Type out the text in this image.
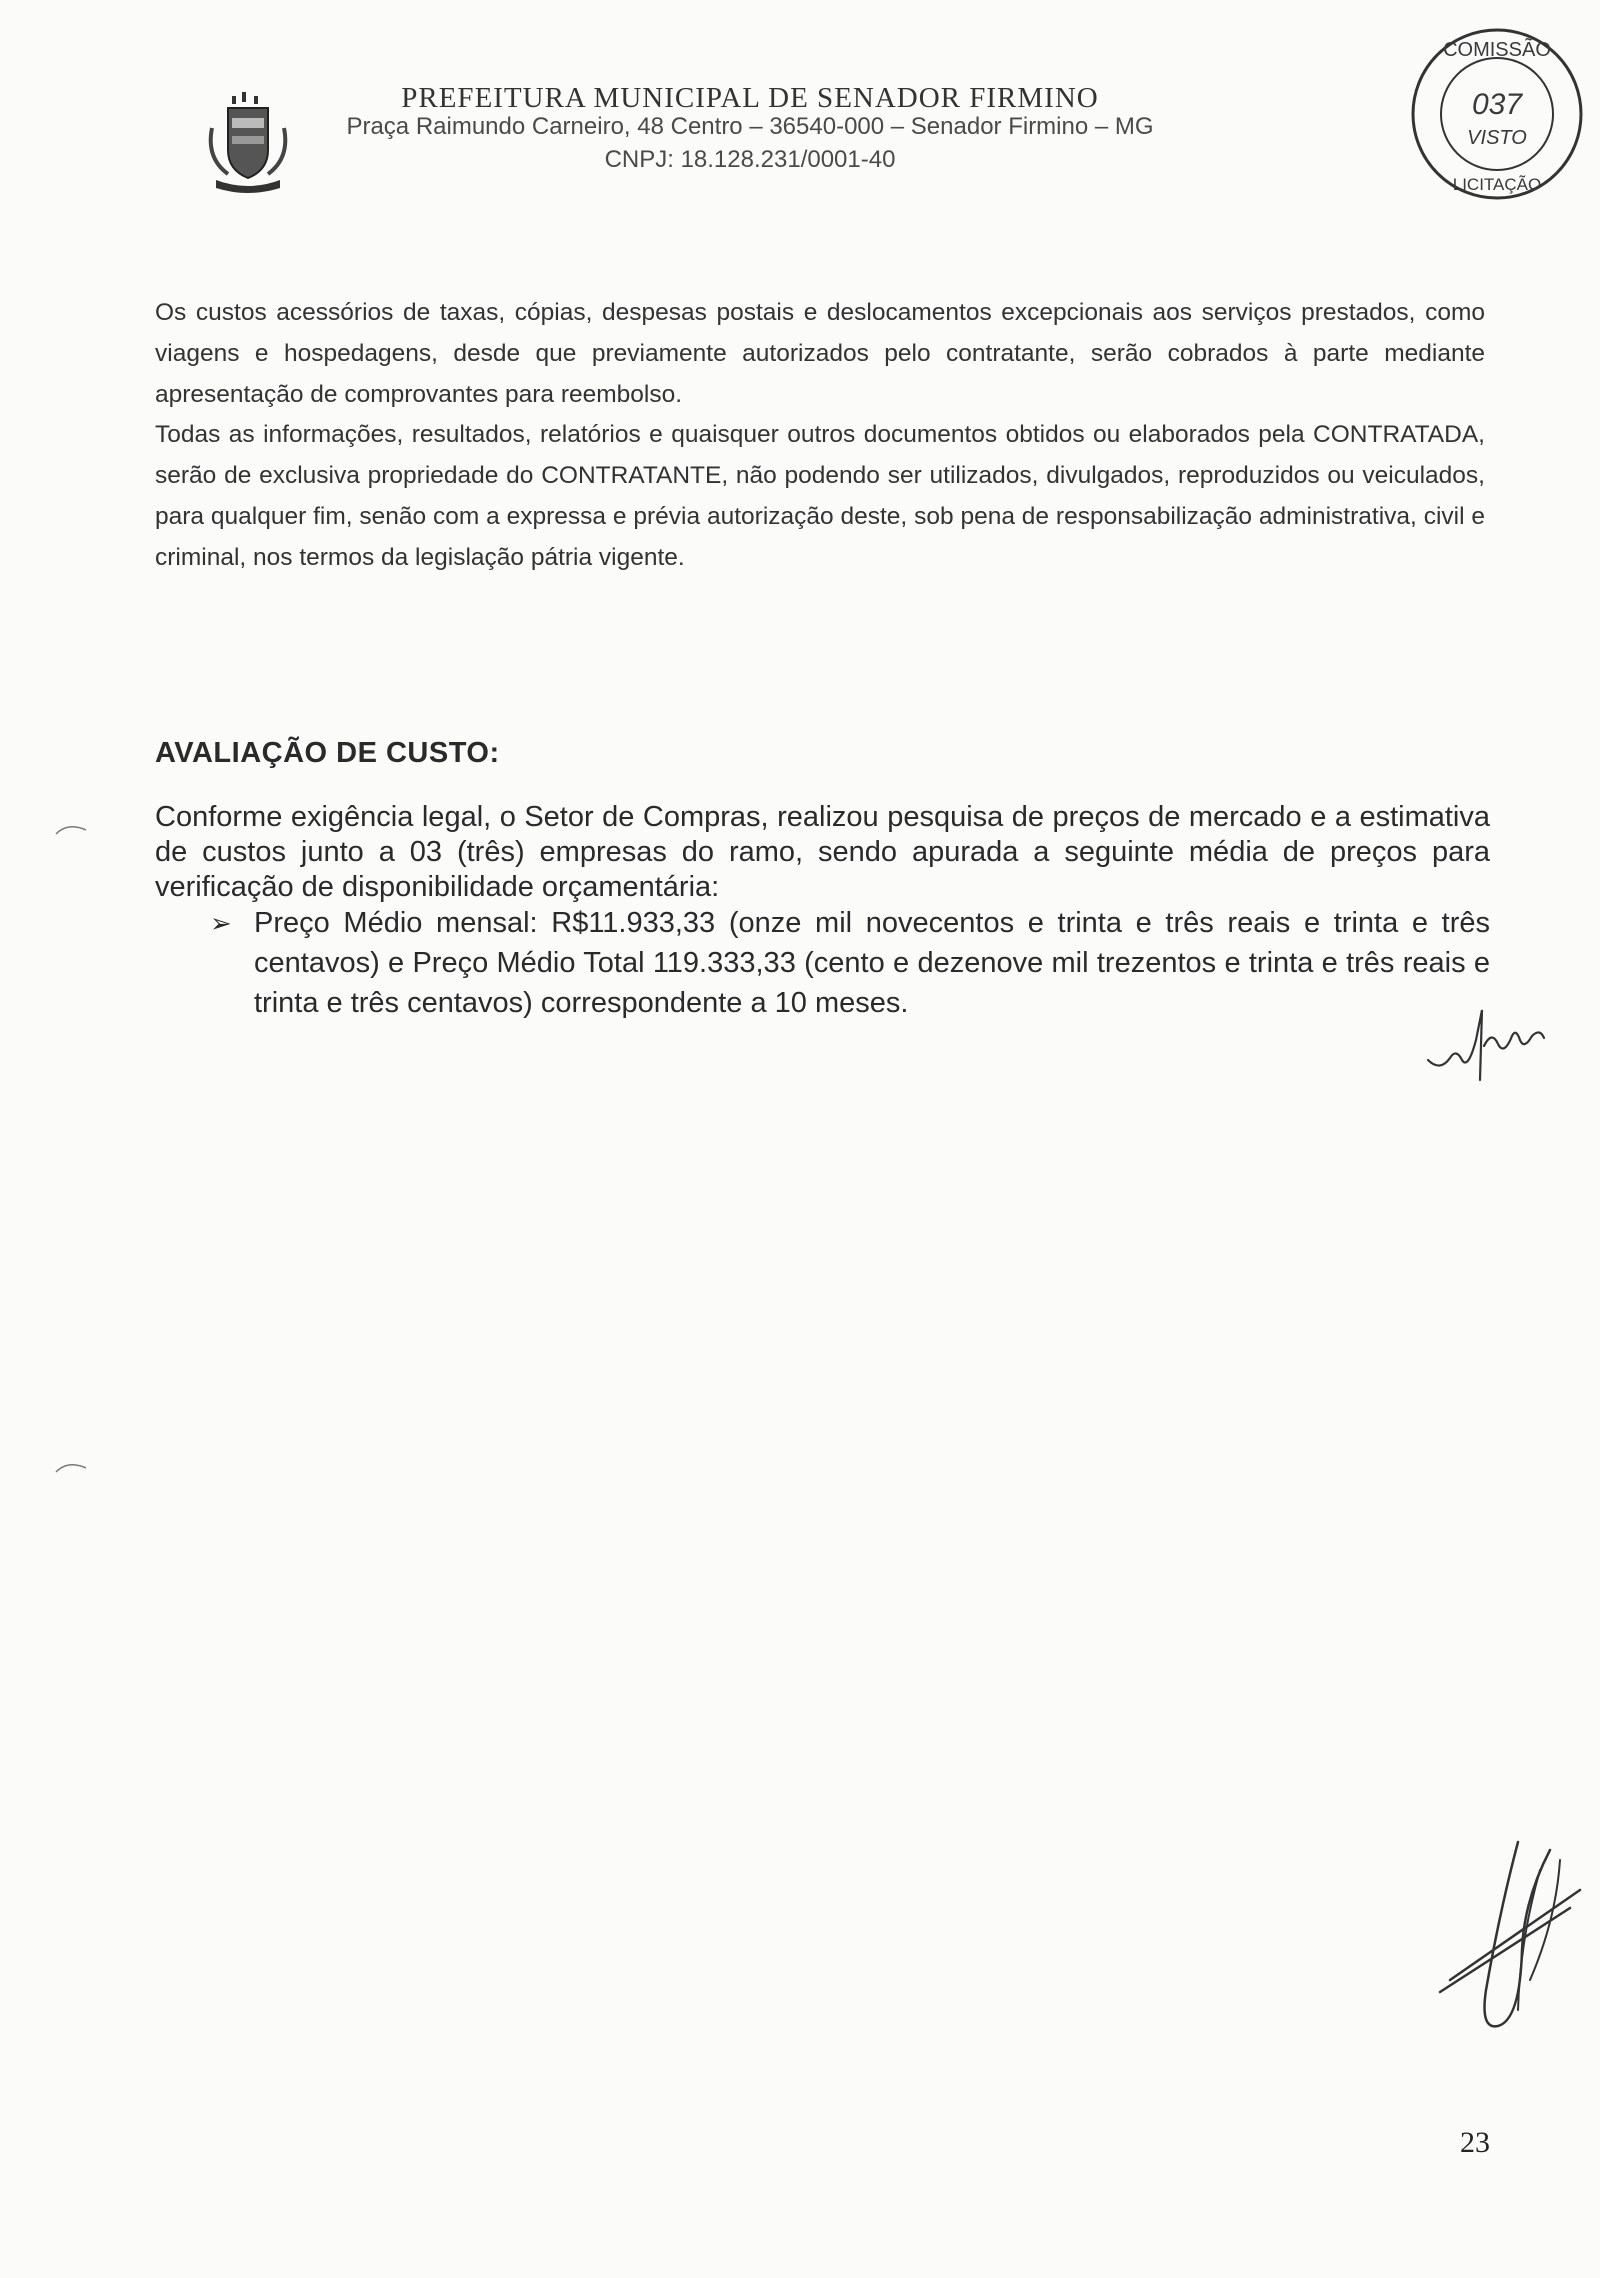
PREFEITURA MUNICIPAL DE SENADOR FIRMINO
Praça Raimundo Carneiro, 48 Centro – 36540-000 – Senador Firmino – MG
CNPJ: 18.128.231/0001-40
COMISSÃO
037
VISTO
LICITAÇÃO
Os custos acessórios de taxas, cópias, despesas postais e deslocamentos excepcionais aos serviços prestados, como viagens e hospedagens, desde que previamente autorizados pelo contratante, serão cobrados à parte mediante apresentação de comprovantes para reembolso.
Todas as informações, resultados, relatórios e quaisquer outros documentos obtidos ou elaborados pela CONTRATADA, serão de exclusiva propriedade do CONTRATANTE, não podendo ser utilizados, divulgados, reproduzidos ou veiculados, para qualquer fim, senão com a expressa e prévia autorização deste, sob pena de responsabilização administrativa, civil e criminal, nos termos da legislação pátria vigente.
AVALIAÇÃO DE CUSTO:
Conforme exigência legal, o Setor de Compras, realizou pesquisa de preços de mercado e a estimativa de custos junto a 03 (três) empresas do ramo, sendo apurada a seguinte média de preços para verificação de disponibilidade orçamentária:
➢ Preço Médio mensal: R$11.933,33 (onze mil novecentos e trinta e três reais e trinta e três centavos) e Preço Médio Total 119.333,33 (cento e dezenove mil trezentos e trinta e três reais e trinta e três centavos) correspondente a 10 meses.
23
